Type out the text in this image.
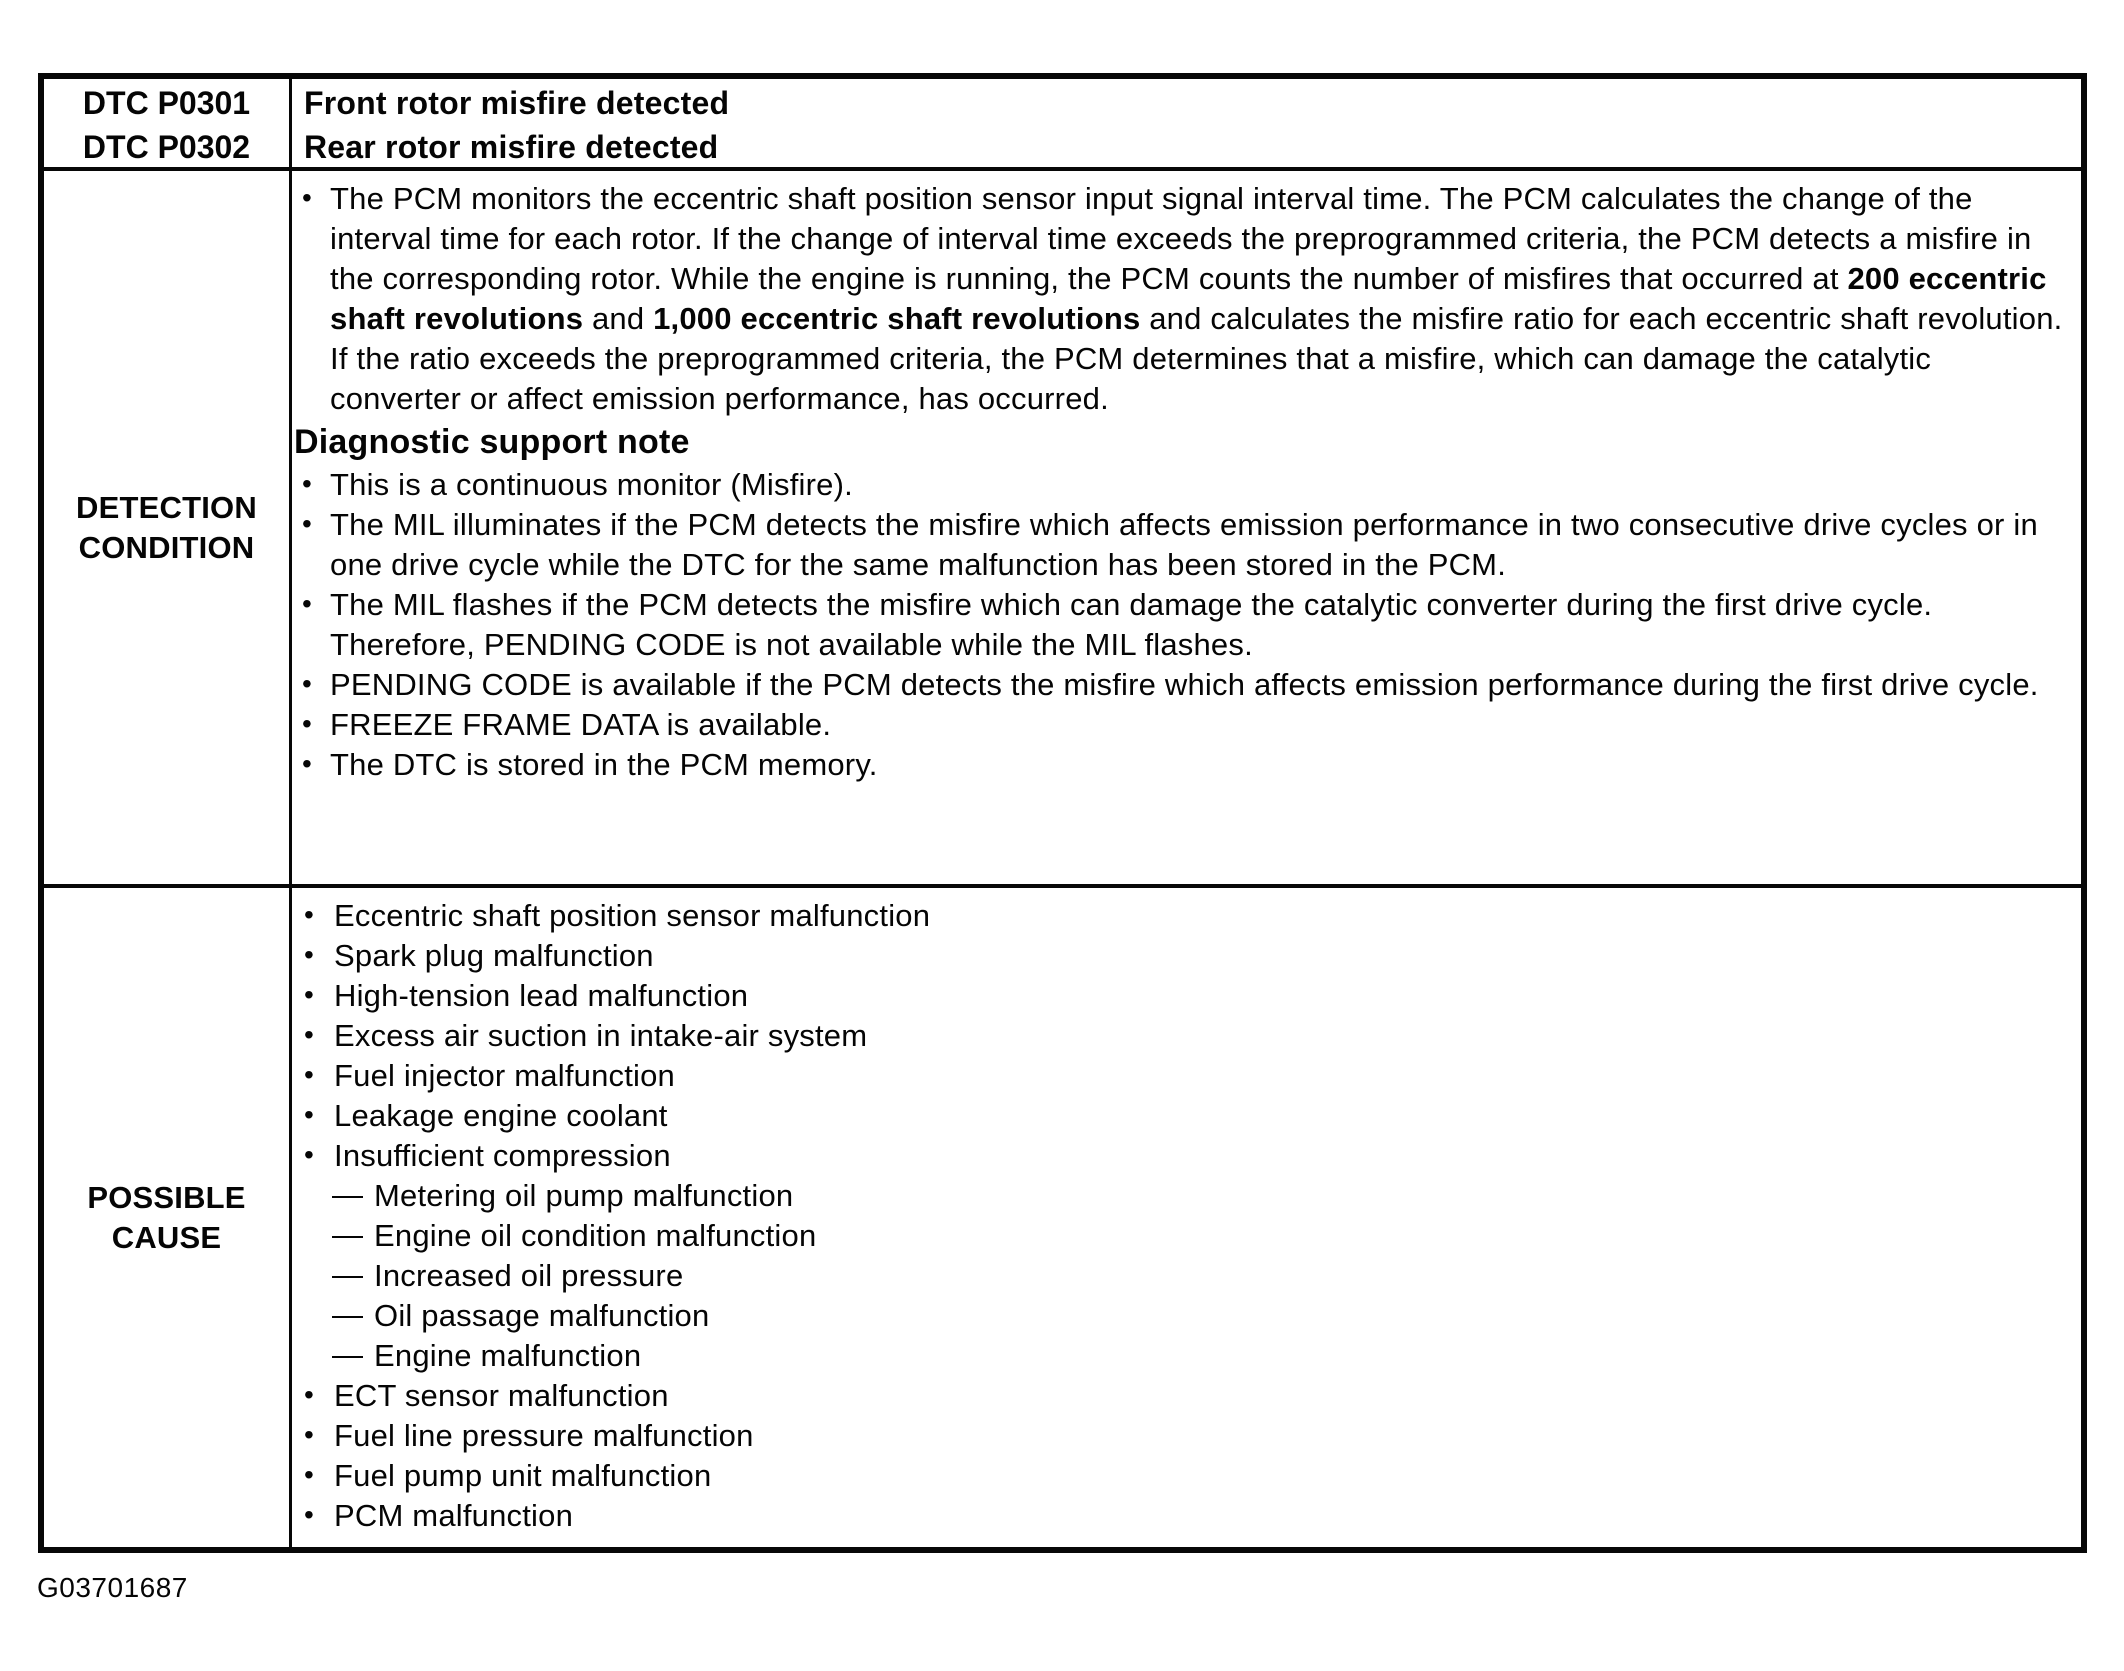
DTC P0301
DTC P0302
Front rotor misfire detected
Rear rotor misfire detected
DETECTION
CONDITION
• The PCM monitors the eccentric shaft position sensor input signal interval time. The PCM calculates the change of the interval time for each rotor. If the change of interval time exceeds the preprogrammed criteria, the PCM detects a misfire in the corresponding rotor. While the engine is running, the PCM counts the number of misfires that occurred at 200 eccentric shaft revolutions and 1,000 eccentric shaft revolutions and calculates the misfire ratio for each eccentric shaft revolution. If the ratio exceeds the preprogrammed criteria, the PCM determines that a misfire, which can damage the catalytic converter or affect emission performance, has occurred.
Diagnostic support note
• This is a continuous monitor (Misfire).
• The MIL illuminates if the PCM detects the misfire which affects emission performance in two consecutive drive cycles or in one drive cycle while the DTC for the same malfunction has been stored in the PCM.
• The MIL flashes if the PCM detects the misfire which can damage the catalytic converter during the first drive cycle. Therefore, PENDING CODE is not available while the MIL flashes.
• PENDING CODE is available if the PCM detects the misfire which affects emission performance during the first drive cycle.
• FREEZE FRAME DATA is available.
• The DTC is stored in the PCM memory.
POSSIBLE
CAUSE
• Eccentric shaft position sensor malfunction
• Spark plug malfunction
• High-tension lead malfunction
• Excess air suction in intake-air system
• Fuel injector malfunction
• Leakage engine coolant
• Insufficient compression
— Metering oil pump malfunction
— Engine oil condition malfunction
— Increased oil pressure
— Oil passage malfunction
— Engine malfunction
• ECT sensor malfunction
• Fuel line pressure malfunction
• Fuel pump unit malfunction
• PCM malfunction
G03701687
